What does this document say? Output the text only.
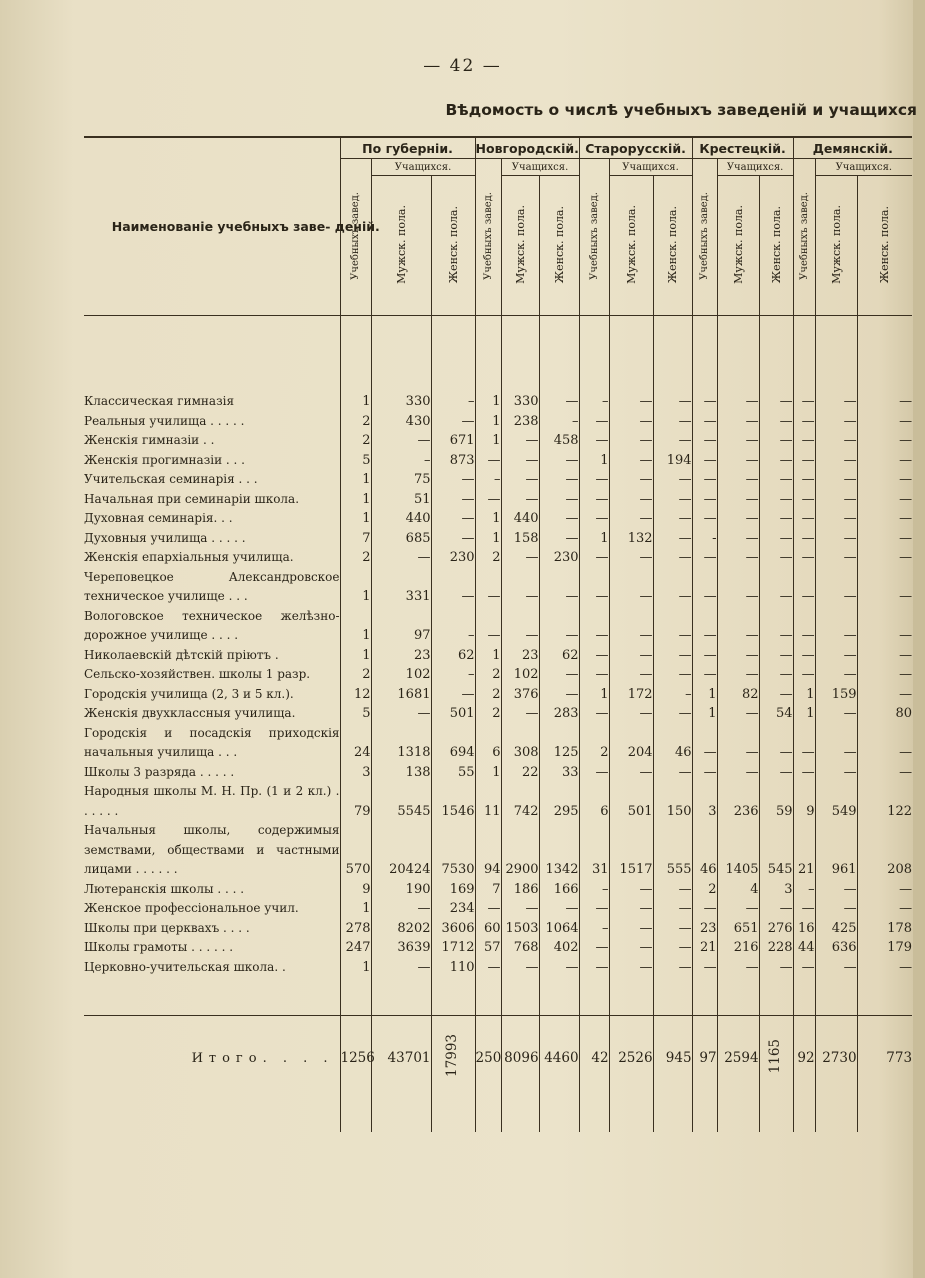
— 42 —
Вѣдомость о числѣ учебныхъ заведеній и учащихся
Наименованіе учебныхъ заве- деній.	По губерніи.			Новгородскій.			Старорусскій.			Крестецкій.			Демянскій.		
	Учебныхъ завед.	Учащихся.		Учебныхъ завед.	Учащихся.		Учебныхъ завед.	Учащихся.		Учебныхъ завед.	Учащихся.		Учебныхъ завед.	Учащихся.	
		Мужск. пола.	Женск. пола.		Мужск. пола.	Женск. пола.		Мужск. пола.	Женск. пола.		Мужск. пола.	Женск. пола.		Мужск. пола.	Женск. пола.

Классическая гимназія	1	330	–	1	330	—	–	—	—	—	—	—	—	—	—
Реальныя училища . . . . .	2	430	—	1	238	–	—	—	—	—	—	—	—	—	—
Женскія гимназіи . .	2	—	671	1	—	458	—	—	—	—	—	—	—	—	—
Женскія прогимназіи . . .	5	–	873	—	—	—	1	—	194	—	—	—	—	—	—
Учительская семинарія . . .	1	75	—	–	—	—	—	—	—	—	—	—	—	—	—
Начальная при семинаріи школа.	1	51	—	—	—	—	—	—	—	—	—	—	—	—	—
Духовная семинарія. . .	1	440	—	1	440	—	—	—	—	—	—	—	—	—	—
Духовныя училища . . . . .	7	685	—	1	158	—	1	132	—	-	—	—	—	—	—
Женскія епархіальныя училища.	2	—	230	2	—	230	—	—	—	—	—	—	—	—	—
Череповецкое Александровское техническое училище . . .	1	331	—	—	—	—	—	—	—	—	—	—	—	—	—
Вологовское техническое желѣзно-дорожное училище . . . .	1	97	–	—	—	—	—	—	—	—	—	—	—	—	—
Николаевскій дѣтскій пріютъ .	1	23	62	1	23	62	—	—	—	—	—	—	—	—	—
Сельско-хозяйствен. школы 1 разр.	2	102	–	2	102	—	—	—	—	—	—	—	—	—	—
Городскія училища (2, 3 и 5 кл.).	12	1681	—	2	376	—	1	172	–	1	82	—	1	159	—
Женскія двухклассныя училища.	5	—	501	2	—	283	—	—	—	1	—	54	1	—	80
Городскія и посадскія приходскія начальныя училища . . .	24	1318	694	6	308	125	2	204	46	—	—	—	—	—	—
Школы 3 разряда . . . . .	3	138	55	1	22	33	—	—	—	—	—	—	—	—	—
Народныя школы М. Н. Пр. (1 и 2 кл.) . . . . . .	79	5545	1546	11	742	295	6	501	150	3	236	59	9	549	122
Начальныя школы, содержимыя земствами, обществами и частными лицами . . . . . .	570	20424	7530	94	2900	1342	31	1517	555	46	1405	545	21	961	208
Лютеранскія школы . . . .	9	190	169	7	186	166	–	—	—	2	4	3	–	—	—
Женское профессіональное учил.	1	—	234	—	—	—	—	—	—	—	—	—	—	—	—
Школы при церквахъ . . . .	278	8202	3606	60	1503	1064	–	—	—	23	651	276	16	425	178
Школы грамоты . . . . . .	247	3639	1712	57	768	402	—	—	—	21	216	228	44	636	179
Церковно-учительская школа. .	1	—	110	—	—	—	—	—	—	—	—	—	—	—	—

Итого. . . .	1256	43701	17993	250	8096	4460	42	2526	945	97	2594	1165	92	2730	773
